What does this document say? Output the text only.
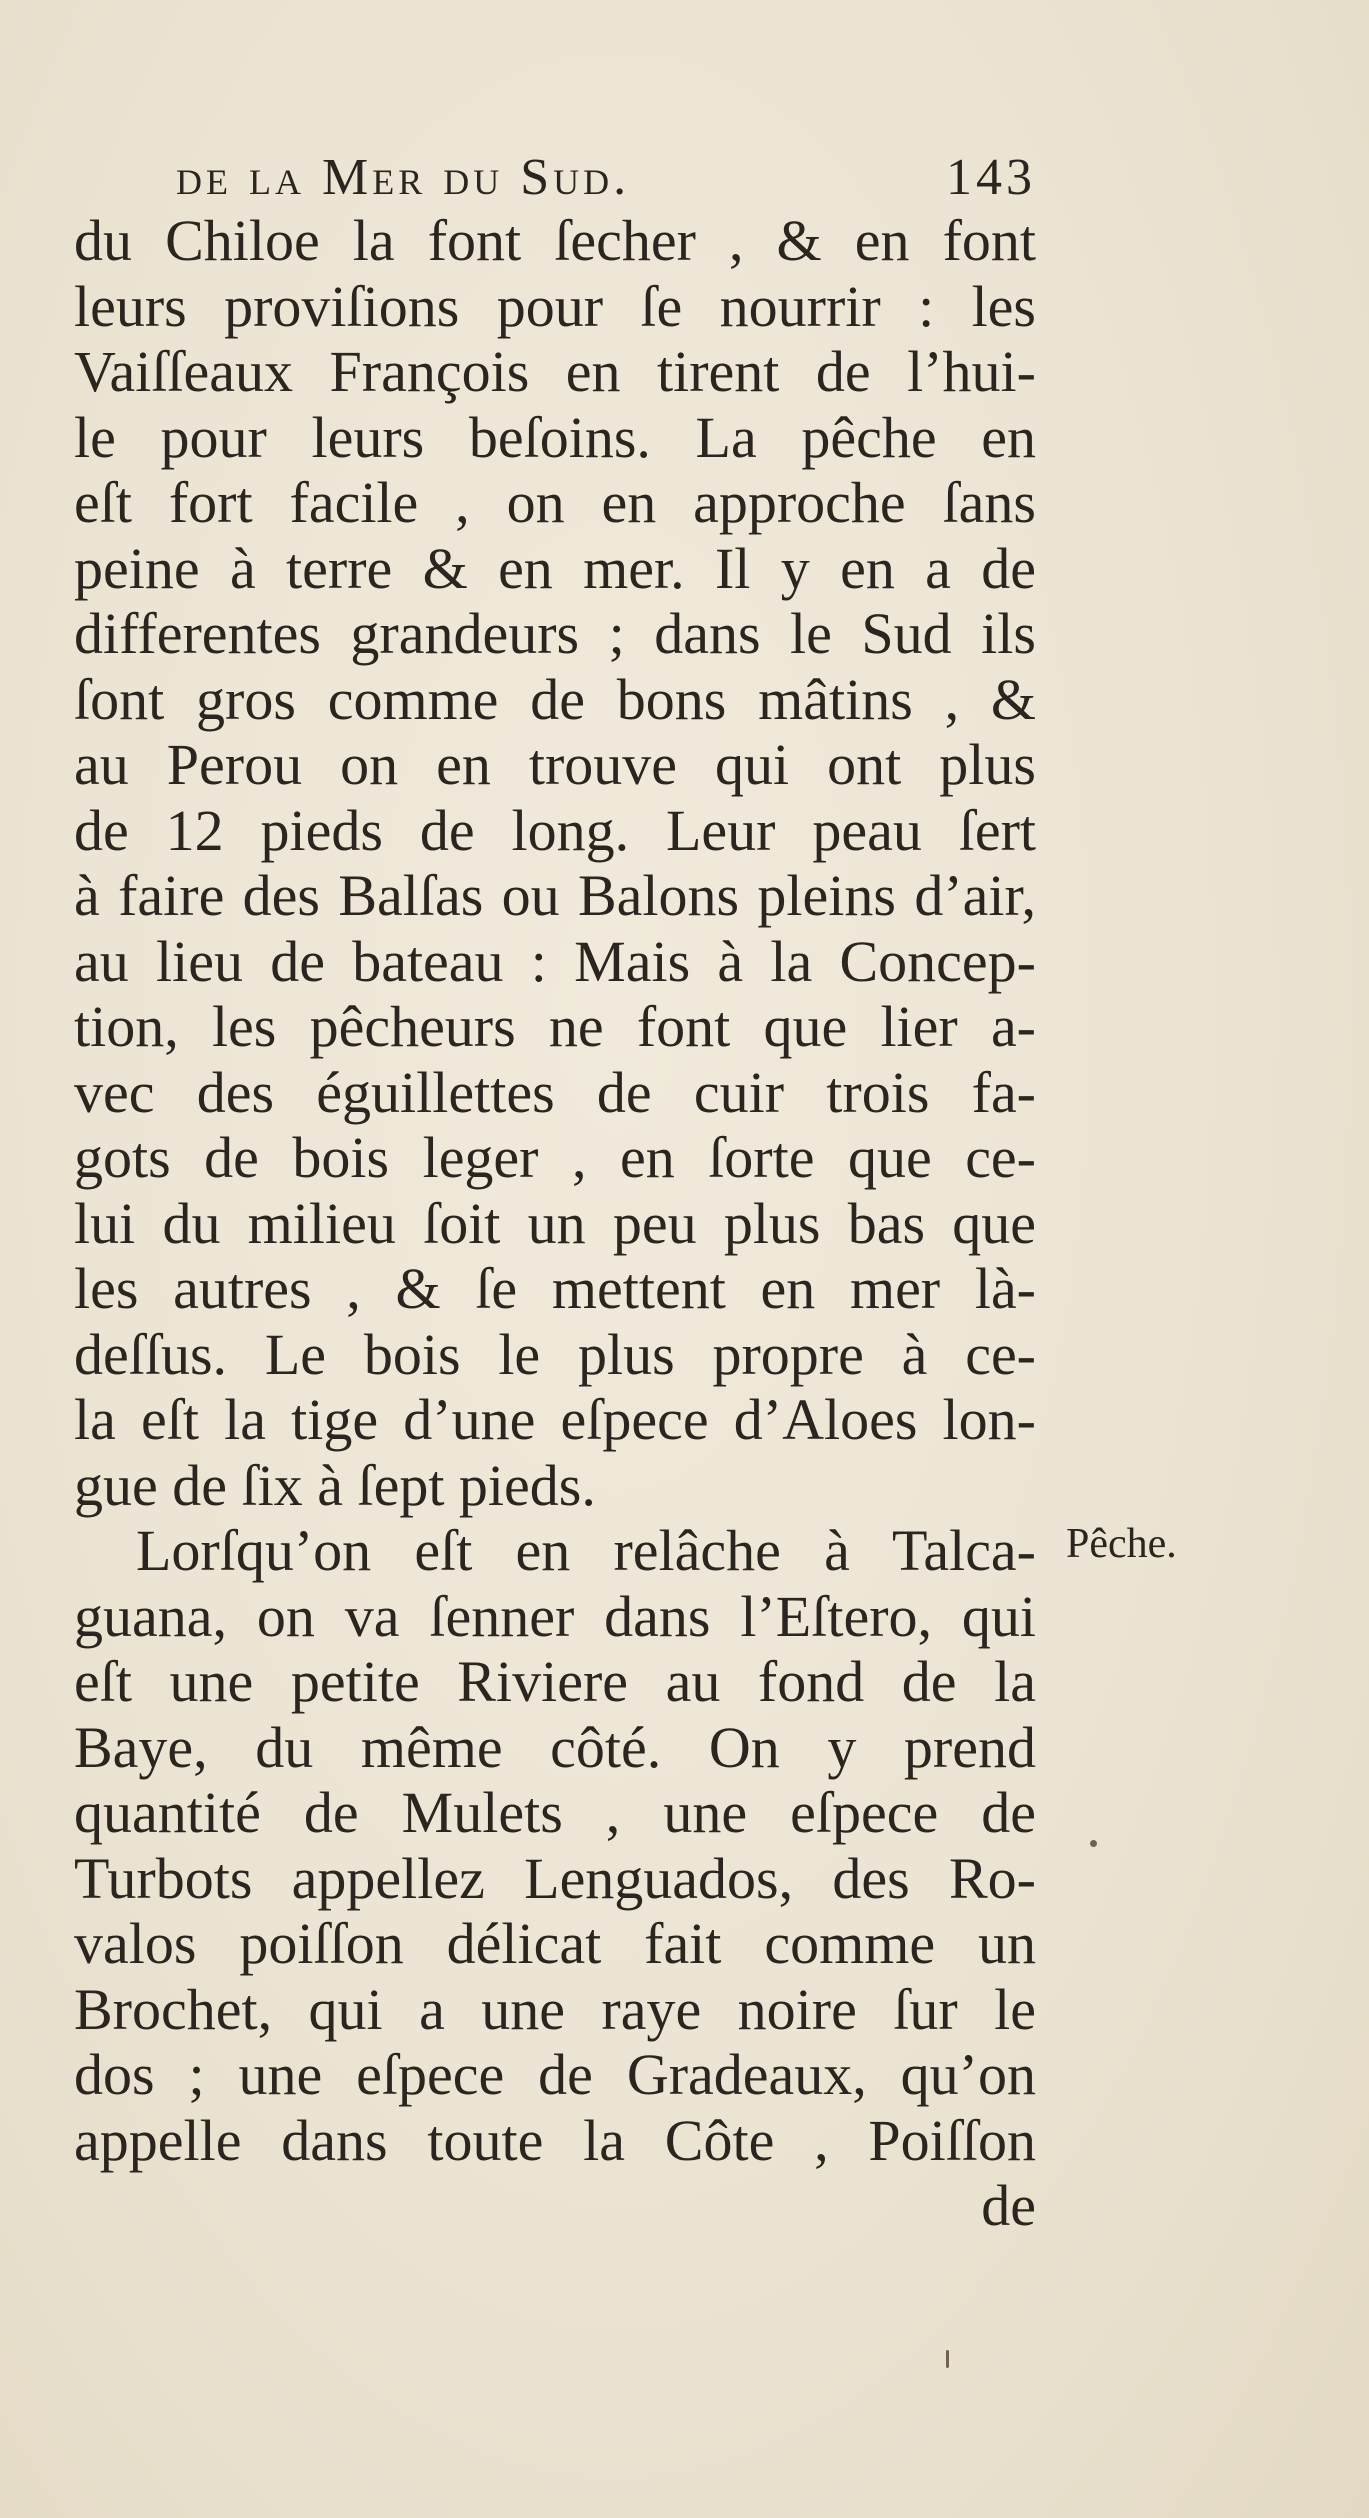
de la Mer du Sud.	143
du Chiloe la font ſecher , & en font
leurs proviſions pour ſe nourrir : les
Vaiſſeaux François en tirent de l’hui-
le pour leurs beſoins. La pêche en
eſt fort facile , on en approche ſans
peine à terre & en mer. Il y en a de
differentes grandeurs ; dans le Sud ils
ſont gros comme de bons mâtins , &
au Perou on en trouve qui ont plus
de 12 pieds de long. Leur peau ſert
à faire des Balſas ou Balons pleins d’air,
au lieu de bateau : Mais à la Concep-
tion, les pêcheurs ne font que lier a-
vec des éguillettes de cuir trois fa-
gots de bois leger , en ſorte que ce-
lui du milieu ſoit un peu plus bas que
les autres , & ſe mettent en mer là-
deſſus. Le bois le plus propre à ce-
la eſt la tige d’une eſpece d’Aloes lon-
gue de ſix à ſept pieds.
Lorſqu’on eſt en relâche à Talca-
guana, on va ſenner dans l’Eſtero, qui
eſt une petite Riviere au fond de la
Baye, du même côté. On y prend
quantité de Mulets , une eſpece de
Turbots appellez Lenguados, des Ro-
valos poiſſon délicat fait comme un
Brochet, qui a une raye noire ſur le
dos ; une eſpece de Gradeaux, qu’on
appelle dans toute la Côte , Poiſſon
de
Pêche.
